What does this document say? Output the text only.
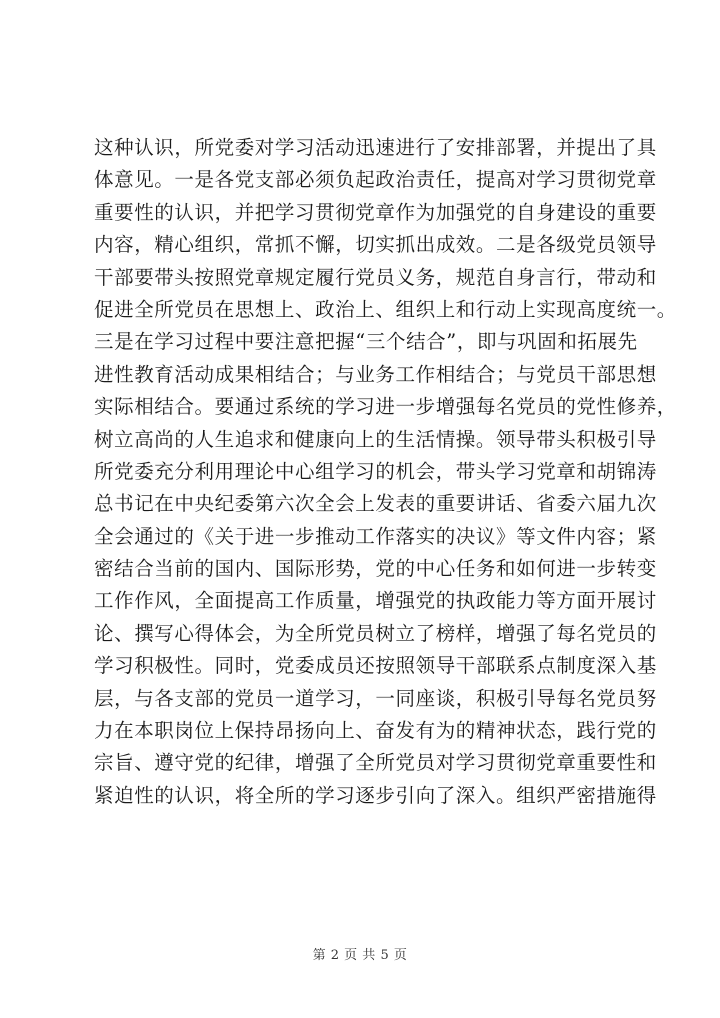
这种认识，所党委对学习活动迅速进行了安排部署，并提出了具
体意见。一是各党支部必须负起政治责任，提高对学习贯彻党章
重要性的认识，并把学习贯彻党章作为加强党的自身建设的重要
内容，精心组织，常抓不懈，切实抓出成效。二是各级党员领导
干部要带头按照党章规定履行党员义务，规范自身言行，带动和
促进全所党员在思想上、政治上、组织上和行动上实现高度统一。
三是在学习过程中要注意把握“三个结合”，即与巩固和拓展先
进性教育活动成果相结合；与业务工作相结合；与党员干部思想
实际相结合。要通过系统的学习进一步增强每名党员的党性修养，
树立高尚的人生追求和健康向上的生活情操。领导带头积极引导
所党委充分利用理论中心组学习的机会，带头学习党章和胡锦涛
总书记在中央纪委第六次全会上发表的重要讲话、省委六届九次
全会通过的《关于进一步推动工作落实的决议》等文件内容；紧
密结合当前的国内、国际形势，党的中心任务和如何进一步转变
工作作风，全面提高工作质量，增强党的执政能力等方面开展讨
论、撰写心得体会，为全所党员树立了榜样，增强了每名党员的
学习积极性。同时，党委成员还按照领导干部联系点制度深入基
层，与各支部的党员一道学习，一同座谈，积极引导每名党员努
力在本职岗位上保持昂扬向上、奋发有为的精神状态，践行党的
宗旨、遵守党的纪律，增强了全所党员对学习贯彻党章重要性和
紧迫性的认识，将全所的学习逐步引向了深入。组织严密措施得
第 2 页 共 5 页
